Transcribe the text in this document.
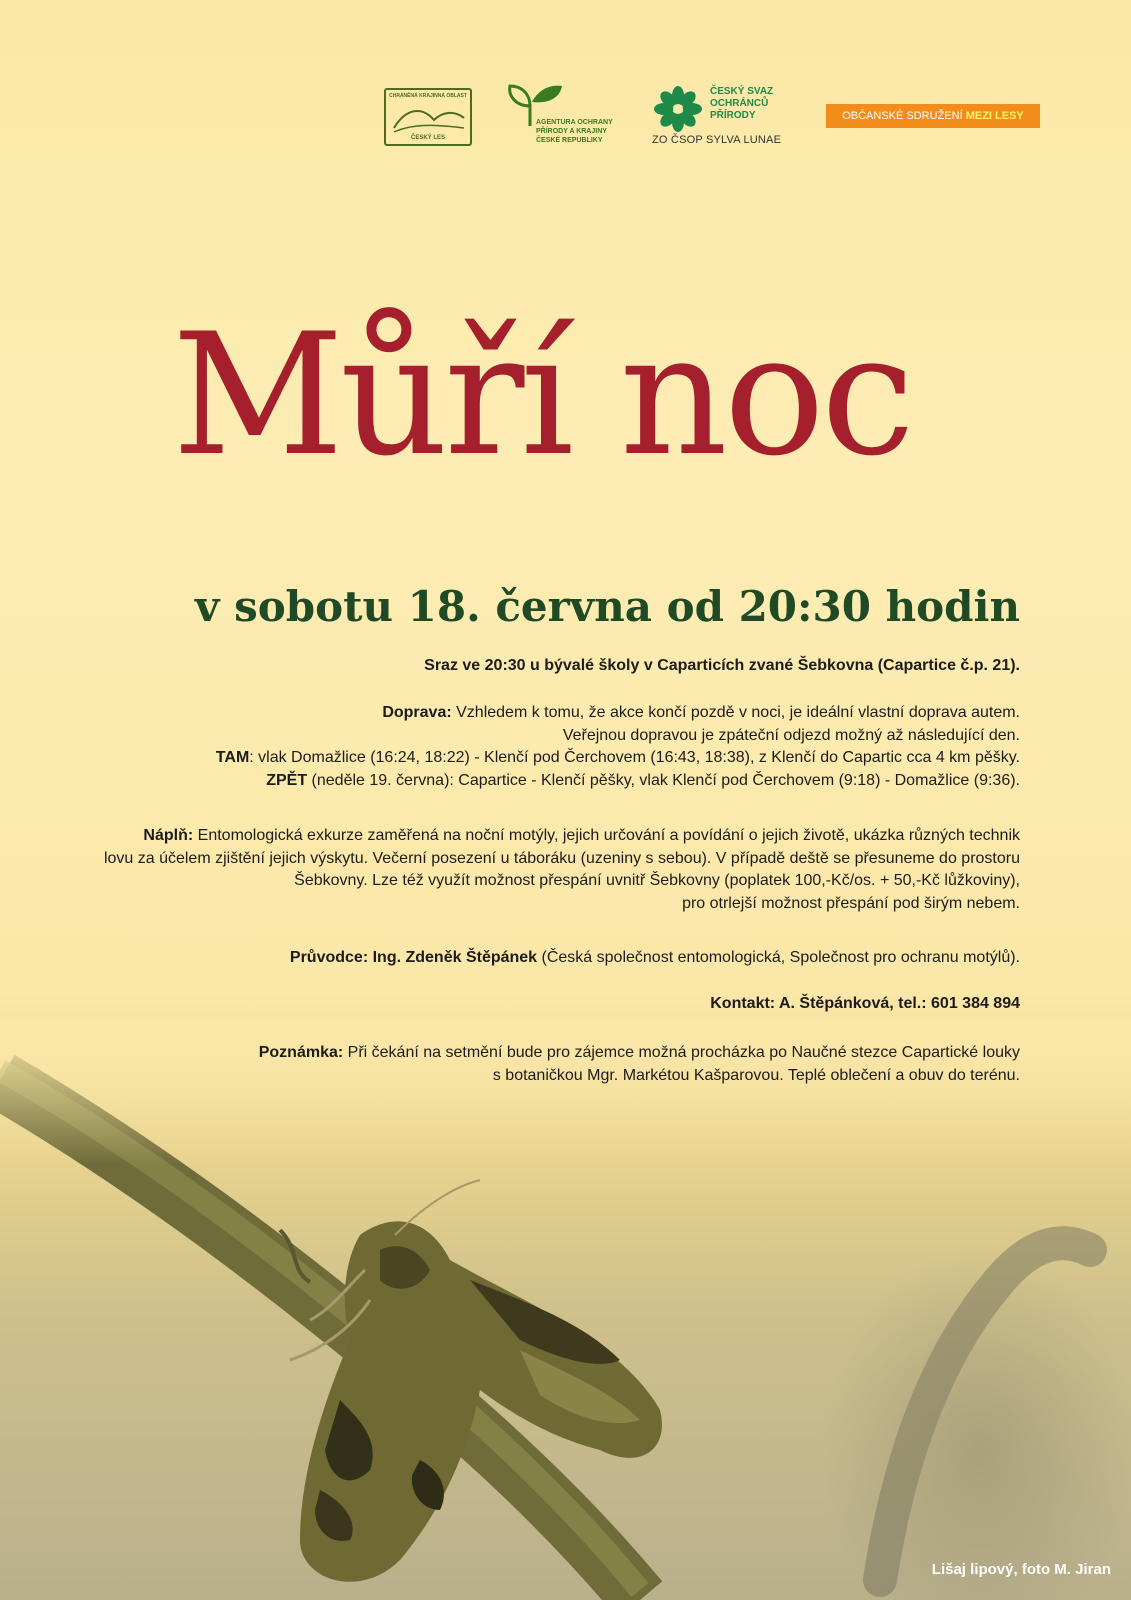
CHRÁNĚNÁ KRAJINNÁ OBLAST
ČESKÝ LES
AGENTURA OCHRANY
PŘÍRODY A KRAJINY
ČESKÉ REPUBLIKY
ČESKÝ SVAZ
OCHRÁNCŮ
PŘÍRODY
ZO ČSOP SYLVA LUNAE
OBČANSKÉ SDRUŽENÍ MEZI LESY
Můří noc
v sobotu 18. června od 20:30 hodin

Sraz ve 20:30 u bývalé školy v Caparticích zvané Šebkovna (Capartice č.p. 21).

Doprava: Vzhledem k tomu, že akce končí pozdě v noci, je ideální vlastní doprava autem.

Veřejnou dopravou je zpáteční odjezd možný až následující den.

TAM: vlak Domažlice (16:24, 18:22) - Klenčí pod Čerchovem (16:43, 18:38), z Klenčí do Capartic cca 4 km pěšky.

ZPĚT (neděle 19. června): Capartice - Klenčí pěšky, vlak Klenčí pod Čerchovem (9:18) - Domažlice (9:36).

Náplň: Entomologická exkurze zaměřená na noční motýly, jejich určování a povídání o jejich životě, ukázka různých technik

lovu za účelem zjištění jejich výskytu. Večerní posezení u táboráku (uzeniny s sebou). V případě deště se přesuneme do prostoru

Šebkovny. Lze též využít možnost přespání uvnitř Šebkovny (poplatek 100,-Kč/os. + 50,-Kč lůžkoviny),

pro otrlejší možnost přespání pod širým nebem.

Průvodce: Ing. Zdeněk Štěpánek (Česká společnost entomologická, Společnost pro ochranu motýlů).

Kontakt: A. Štěpánková, tel.: 601 384 894

Poznámka: Při čekání na setmění bude pro zájemce možná procházka po Naučné stezce Capartické louky

s botaničkou Mgr. Markétou Kašparovou. Teplé oblečení a obuv do terénu.

Lišaj lipový, foto M. Jiran
